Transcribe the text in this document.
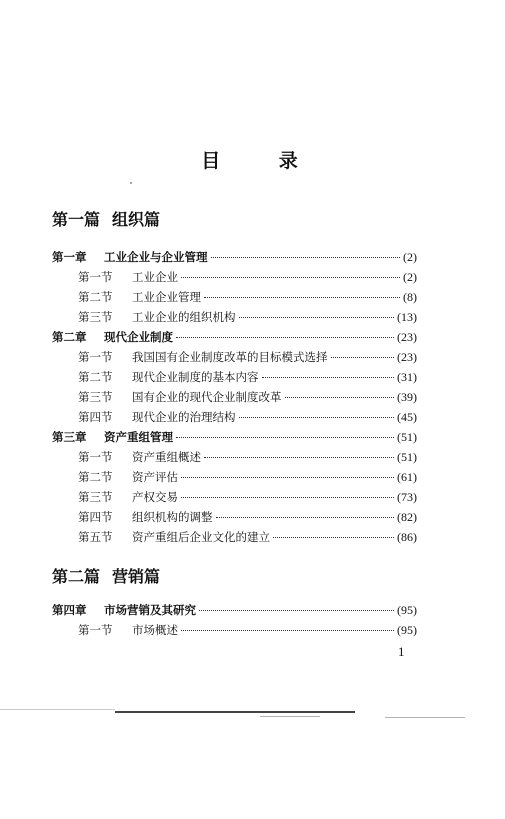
目 录
第一篇 组织篇
第一章 工业企业与企业管理	(2)
第一节 工业企业	(2)
第二节 工业企业管理	(8)
第三节 工业企业的组织机构	(13)
第二章 现代企业制度	(23)
第一节 我国国有企业制度改革的目标模式选择	(23)
第二节 现代企业制度的基本内容	(31)
第三节 国有企业的现代企业制度改革	(39)
第四节 现代企业的治理结构	(45)
第三章 资产重组管理	(51)
第一节 资产重组概述	(51)
第二节 资产评估	(61)
第三节 产权交易	(73)
第四节 组织机构的调整	(82)
第五节 资产重组后企业文化的建立	(86)
第二篇 营销篇
第四章 市场营销及其研究	(95)
第一节 市场概述	(95)
1
